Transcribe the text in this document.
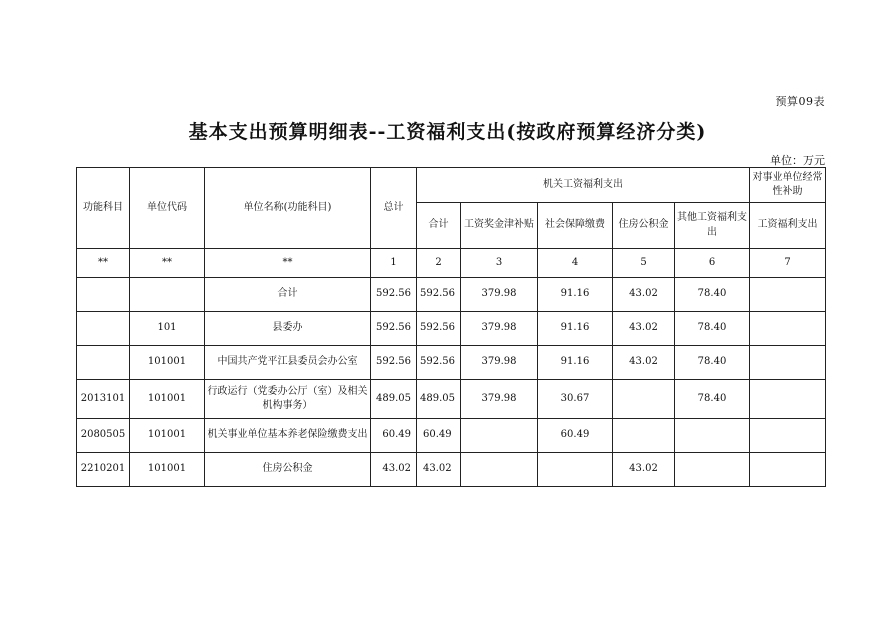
预算09表
基本支出预算明细表--工资福利支出(按政府预算经济分类)
单位：万元
功能科目	单位代码	单位名称(功能科目)	总计	机关工资福利支出					对事业单位经常性补助
				合计	工资奖金津补贴	社会保障缴费	住房公积金	其他工资福利支出	工资福利支出
**	**	**	1	2	3	4	5	6	7
		合计	592.56	592.56	379.98	91.16	43.02	78.40	
	101	县委办	592.56	592.56	379.98	91.16	43.02	78.40	
	101001	中国共产党平江县委员会办公室	592.56	592.56	379.98	91.16	43.02	78.40	
2013101	101001	行政运行（党委办公厅（室）及相关机构事务）	489.05	489.05	379.98	30.67		78.40	
2080505	101001	机关事业单位基本养老保险缴费支出	60.49	60.49		60.49			
2210201	101001	住房公积金	43.02	43.02			43.02		
